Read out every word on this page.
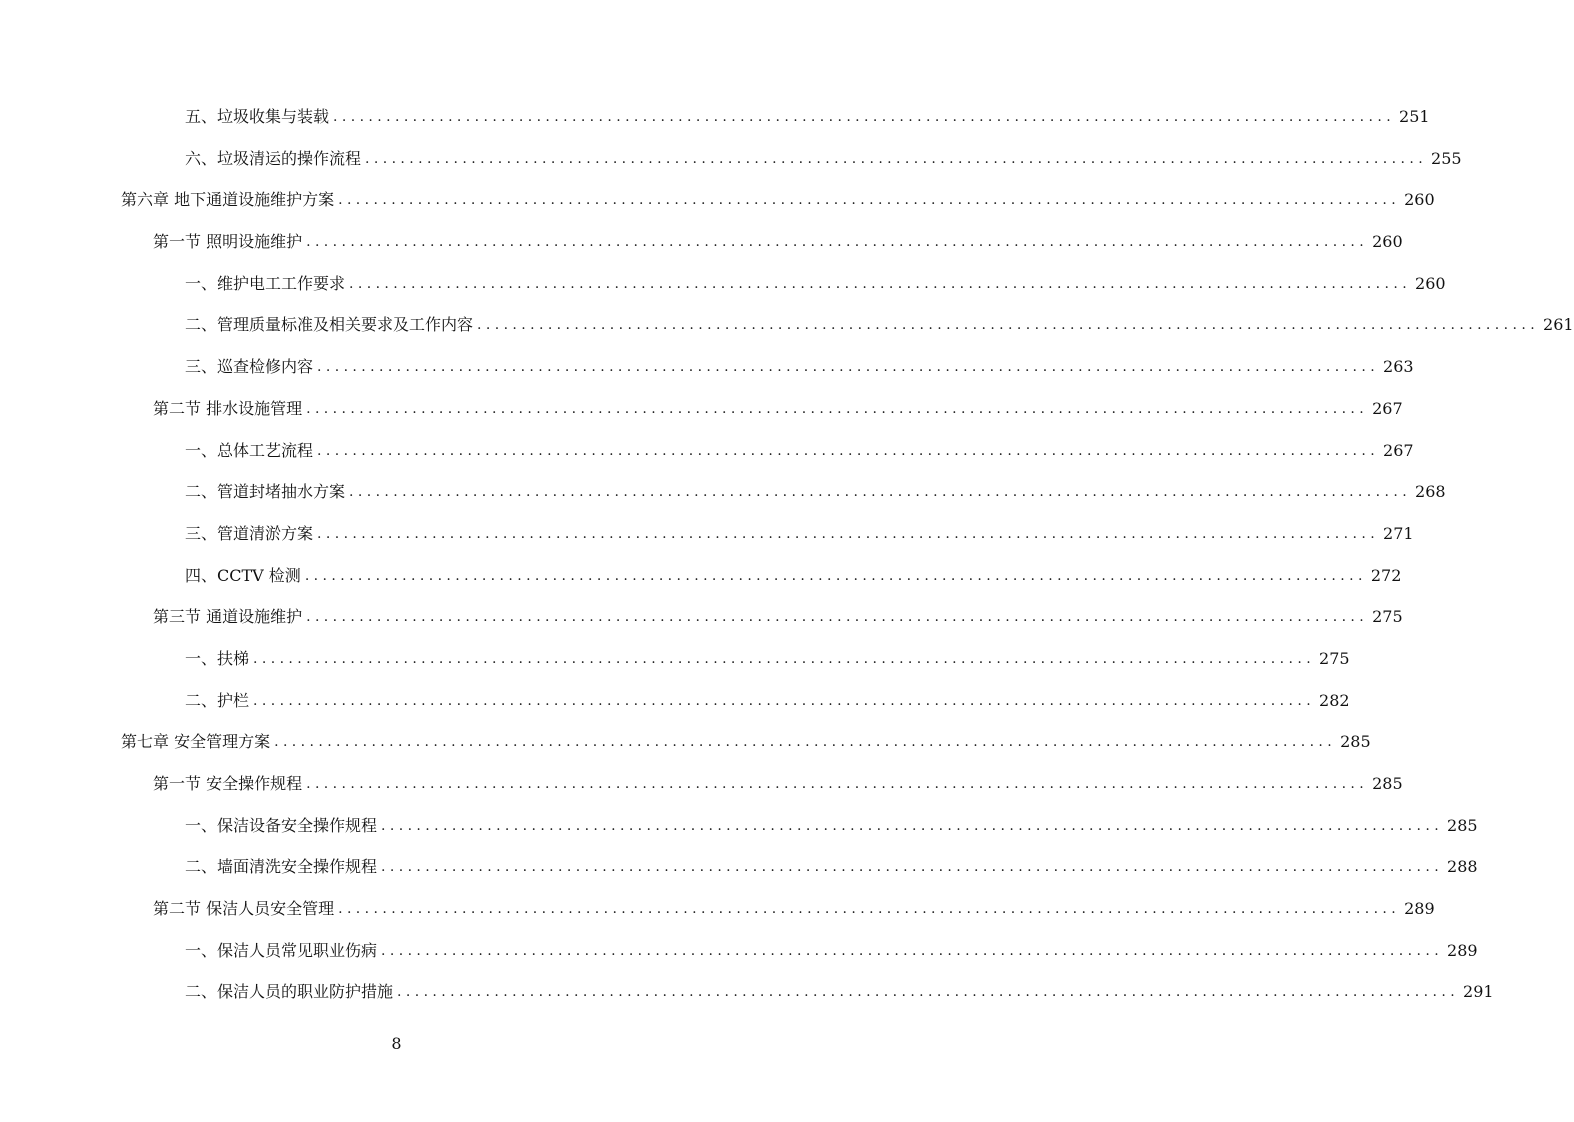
五、垃圾收集与装载 ........................................................................................................................ 251
六、垃圾清运的操作流程 ........................................................................................................................ 255
第六章 地下通道设施维护方案 ........................................................................................................................ 260
第一节 照明设施维护 ........................................................................................................................ 260
一、维护电工工作要求 ........................................................................................................................ 260
二、管理质量标准及相关要求及工作内容 ........................................................................................................................ 261
三、巡查检修内容 ........................................................................................................................ 263
第二节 排水设施管理 ........................................................................................................................ 267
一、总体工艺流程 ........................................................................................................................ 267
二、管道封堵抽水方案 ........................................................................................................................ 268
三、管道清淤方案 ........................................................................................................................ 271
四、CCTV 检测 ........................................................................................................................ 272
第三节 通道设施维护 ........................................................................................................................ 275
一、扶梯 ........................................................................................................................ 275
二、护栏 ........................................................................................................................ 282
第七章 安全管理方案 ........................................................................................................................ 285
第一节 安全操作规程 ........................................................................................................................ 285
一、保洁设备安全操作规程 ........................................................................................................................ 285
二、墙面清洗安全操作规程 ........................................................................................................................ 288
第二节 保洁人员安全管理 ........................................................................................................................ 289
一、保洁人员常见职业伤病 ........................................................................................................................ 289
二、保洁人员的职业防护措施 ........................................................................................................................ 291
8
